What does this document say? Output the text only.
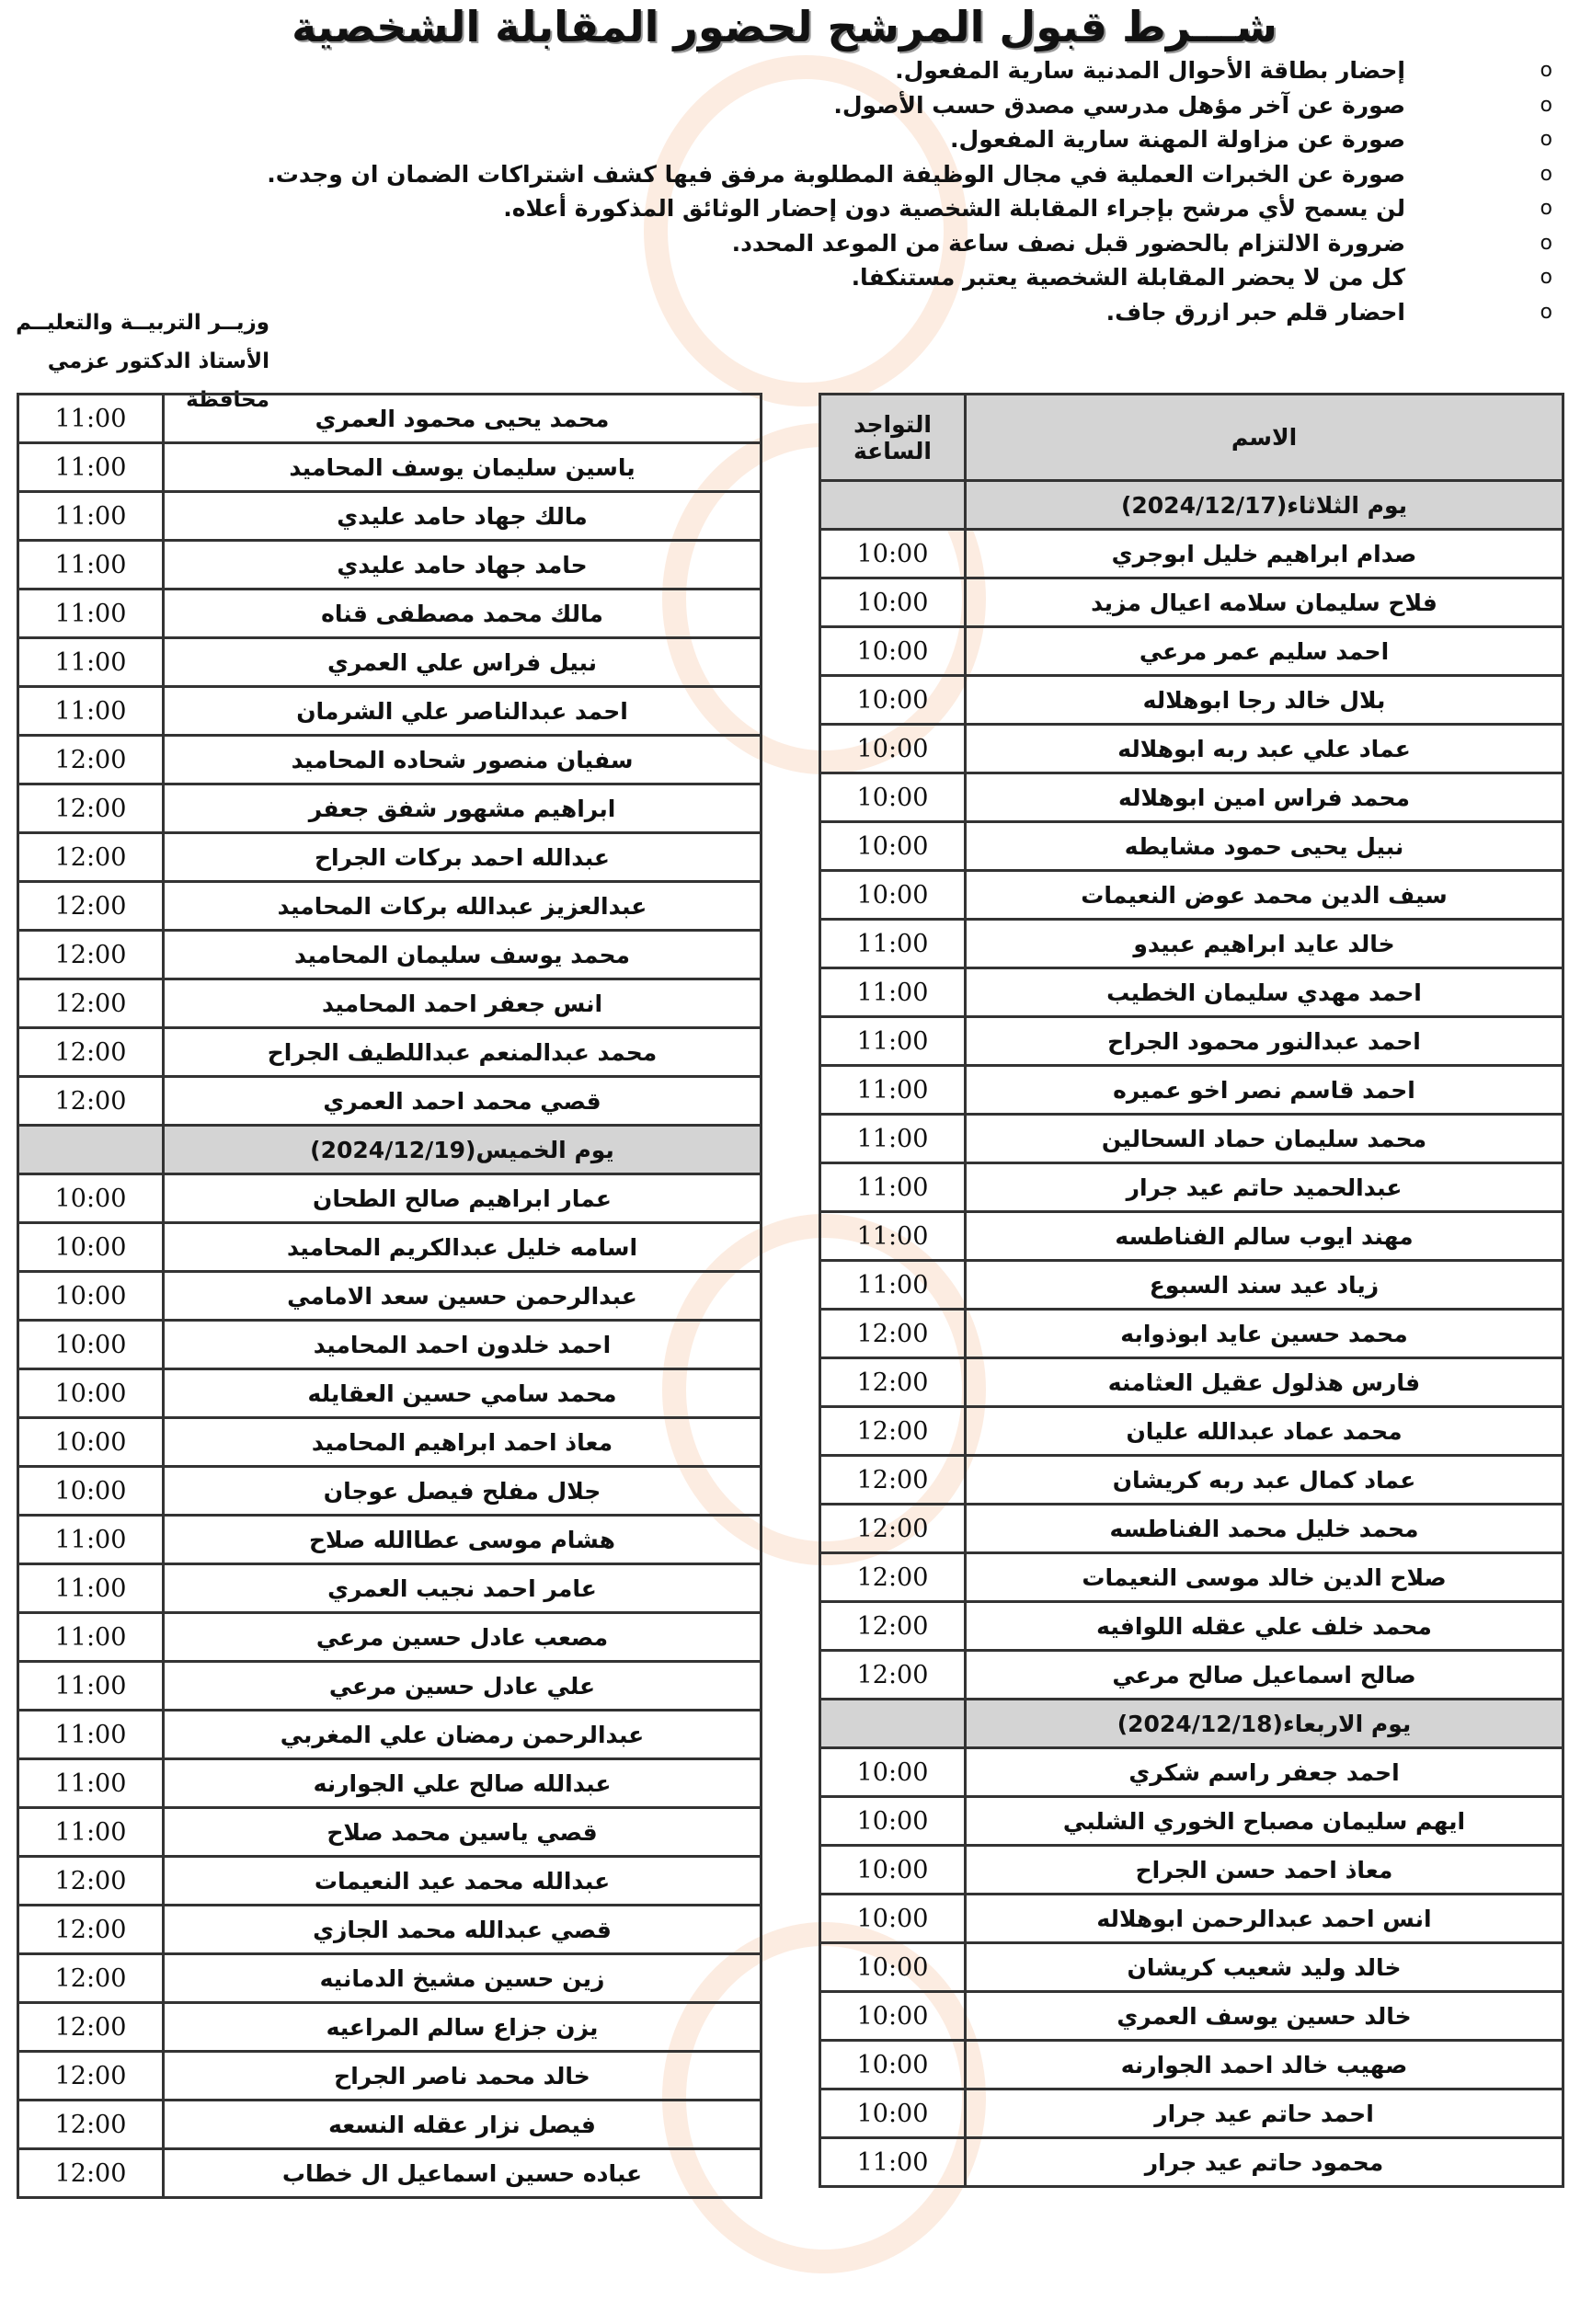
شـــرط قبول المرشح لحضور المقابلة الشخصية
o
إحضار بطاقة الأحوال المدنية سارية المفعول.
o
صورة عن آخر مؤهل مدرسي مصدق حسب الأصول.
o
صورة عن مزاولة المهنة سارية المفعول.
o
صورة عن الخبرات العملية في مجال الوظيفة المطلوبة مرفق فيها كشف اشتراكات الضمان ان وجدت.
o
لن يسمح لأي مرشح بإجراء المقابلة الشخصية دون إحضار الوثائق المذكورة أعلاه.
o
ضرورة الالتزام بالحضور قبل نصف ساعة من الموعد المحدد.
o
كل من لا يحضر المقابلة الشخصية يعتبر مستنكفا.
o
احضار قلم حبر ازرق جاف.
وزيــر التربيــة والتعليــم
الأستاذ الدكتور عزمي محافظة
الاسم	التواجد الساعة
يوم الثلاثاء(2024/12/17)	
صدام ابراهيم خليل ابوجري	10:00
فلاح سليمان سلامه اعيال مزيد	10:00
احمد سليم عمر مرعي	10:00
بلال خالد رجا ابوهلاله	10:00
عماد علي عبد ربه ابوهلاله	10:00
محمد فراس امين ابوهلاله	10:00
نبيل يحيى حمود مشايطه	10:00
سيف الدين محمد عوض النعيمات	10:00
خالد عايد ابراهيم عبيدو	11:00
احمد مهدي سليمان الخطيب	11:00
احمد عبدالنور محمود الجراح	11:00
احمد قاسم نصر اخو عميره	11:00
محمد سليمان حماد السحالين	11:00
عبدالحميد حاتم عيد جرار	11:00
مهند ايوب سالم الفناطسه	11:00
زياد عيد سند السبوع	11:00
محمد حسين عايد ابوذوابه	12:00
فارس هذلول عقيل العثامنه	12:00
محمد عماد عبدالله عليان	12:00
عماد كمال عبد ربه كريشان	12:00
محمد خليل محمد الفناطسه	12:00
صلاح الدين خالد موسى النعيمات	12:00
محمد خلف علي عقله اللوافيه	12:00
صالح اسماعيل صالح مرعي	12:00
يوم الاربعاء(2024/12/18)	
احمد جعفر راسم شكري	10:00
ايهم سليمان مصباح الخوري الشلبي	10:00
معاذ احمد حسن الجراح	10:00
انس احمد عبدالرحمن ابوهلاله	10:00
خالد وليد شعيب كريشان	10:00
خالد حسين يوسف العمري	10:00
صهيب خالد احمد الجوارنه	10:00
احمد حاتم عيد جرار	10:00
محمود حاتم عيد جرار	11:00
محمد يحيى محمود العمري	11:00
ياسين سليمان يوسف المحاميد	11:00
مالك جهاد حامد عليدي	11:00
حامد جهاد حامد عليدي	11:00
مالك محمد مصطفى قناه	11:00
نبيل فراس علي العمري	11:00
احمد عبدالناصر علي الشرمان	11:00
سفيان منصور شحاده المحاميد	12:00
ابراهيم مشهور شفق جعفر	12:00
عبدالله احمد بركات الجراح	12:00
عبدالعزيز عبدالله بركات المحاميد	12:00
محمد يوسف سليمان المحاميد	12:00
انس جعفر احمد المحاميد	12:00
محمد عبدالمنعم عبداللطيف الجراح	12:00
قصي محمد احمد العمري	12:00
يوم الخميس(2024/12/19)	
عمار ابراهيم صالح الطحان	10:00
اسامه خليل عبدالكريم المحاميد	10:00
عبدالرحمن حسين سعد الامامي	10:00
احمد خلدون احمد المحاميد	10:00
محمد سامي حسين العقايله	10:00
معاذ احمد ابراهيم المحاميد	10:00
جلال مفلح فيصل عوجان	10:00
هشام موسى عطاالله صلاح	11:00
عامر احمد نجيب العمري	11:00
مصعب عادل حسين مرعي	11:00
علي عادل حسين مرعي	11:00
عبدالرحمن رمضان علي المغربي	11:00
عبدالله صالح علي الجوارنه	11:00
قصي ياسين محمد صلاح	11:00
عبدالله محمد عيد النعيمات	12:00
قصي عبدالله محمد الجازي	12:00
زين حسين مشيخ الدمانيه	12:00
يزن جزاع سالم المراعيه	12:00
خالد محمد ناصر الجراح	12:00
فيصل نزار عقله النسعه	12:00
عباده حسين اسماعيل ال خطاب	12:00
